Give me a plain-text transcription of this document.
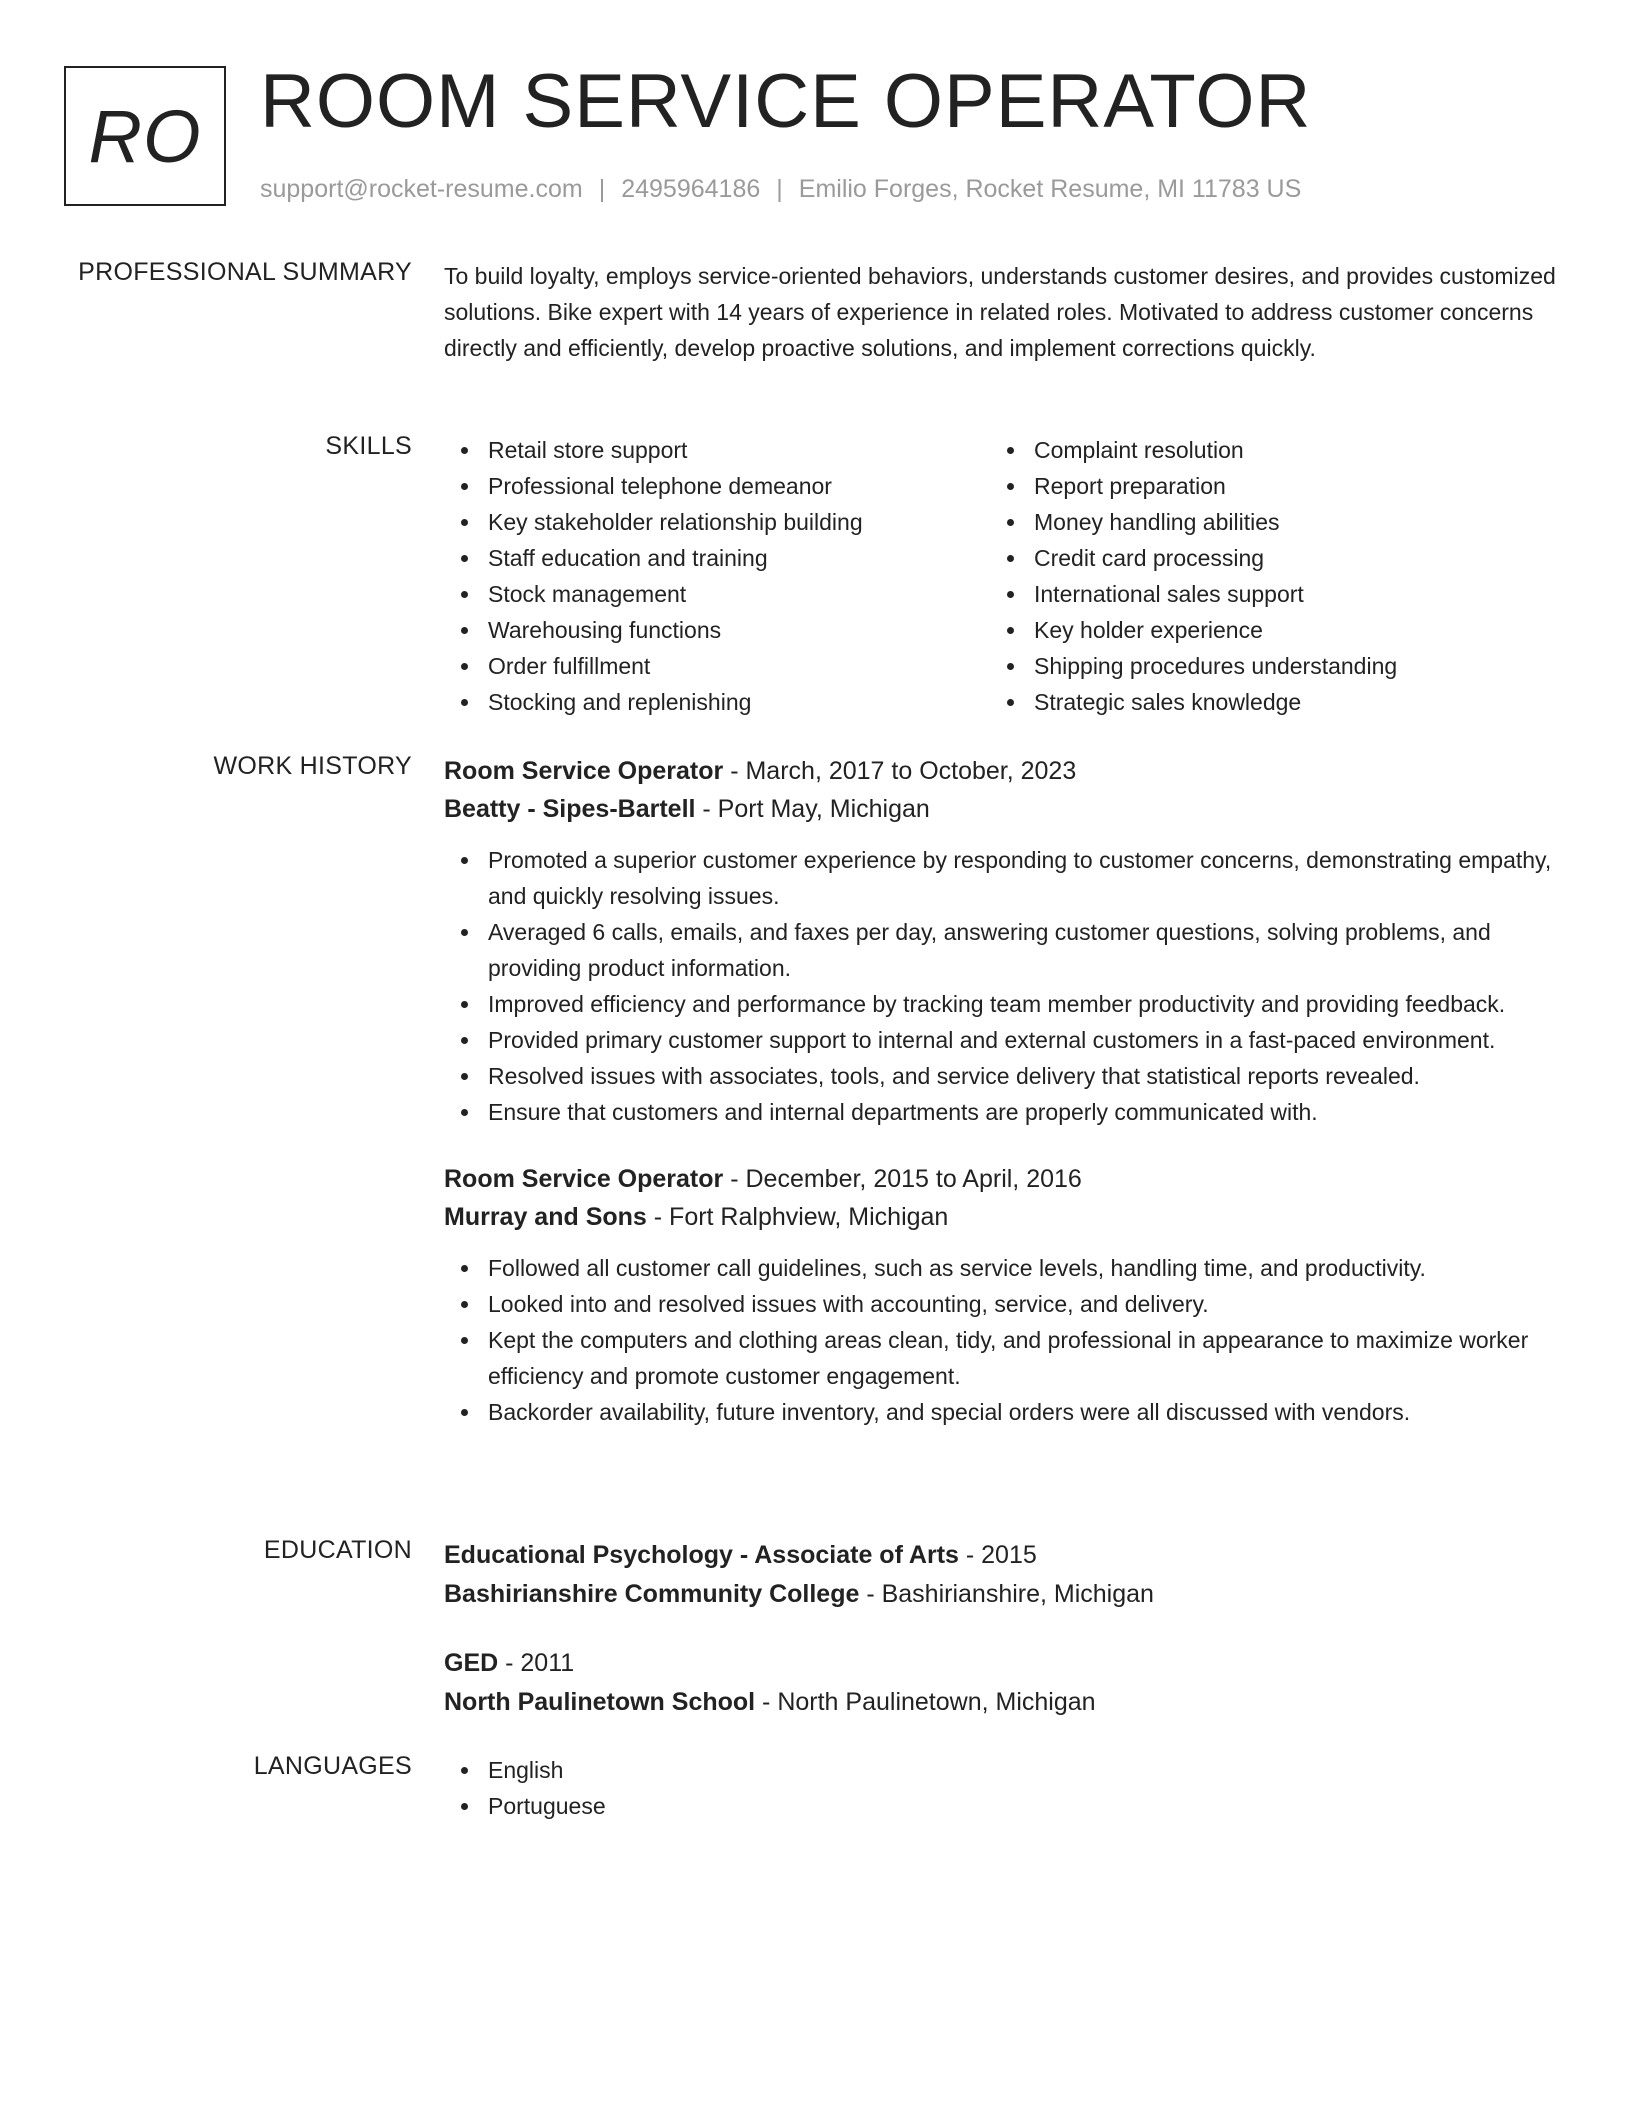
RO ROOM SERVICE OPERATOR
support@rocket-resume.com | 2495964186 | Emilio Forges, Rocket Resume, MI 11783 US
PROFESSIONAL SUMMARY To build loyalty, employs service-oriented behaviors, understands customer desires, and provides customized solutions. Bike expert with 14 years of experience in related roles. Motivated to address customer concerns directly and efficiently, develop proactive solutions, and implement corrections quickly.

SKILLS	Retail store support
Professional telephone demeanor
Key stakeholder relationship building
Staff education and training
Stock management
Warehousing functions
Order fulfillment
Stocking and replenishing
Complaint resolution
Report preparation
Money handling abilities
Credit card processing
International sales support
Key holder experience
Shipping procedures understanding
Strategic sales knowledge
WORK HISTORY Room Service Operator - March, 2017 to October, 2023
Beatty - Sipes-Bartell - Port May, Michigan
Promoted a superior customer experience by responding to customer concerns, demonstrating empathy, and quickly resolving issues.
Averaged 6 calls, emails, and faxes per day, answering customer questions, solving problems, and providing product information.
Improved efficiency and performance by tracking team member productivity and providing feedback.
Provided primary customer support to internal and external customers in a fast-paced environment.
Resolved issues with associates, tools, and service delivery that statistical reports revealed.
Ensure that customers and internal departments are properly communicated with.
Room Service Operator - December, 2015 to April, 2016
Murray and Sons - Fort Ralphview, Michigan
Followed all customer call guidelines, such as service levels, handling time, and productivity.
Looked into and resolved issues with accounting, service, and delivery.
Kept the computers and clothing areas clean, tidy, and professional in appearance to maximize worker efficiency and promote customer engagement.
Backorder availability, future inventory, and special orders were all discussed with vendors.
EDUCATION Educational Psychology - Associate of Arts - 2015
Bashirianshire Community College - Bashirianshire, Michigan
GED - 2011
North Paulinetown School - North Paulinetown, Michigan
LANGUAGES	English
Portuguese
